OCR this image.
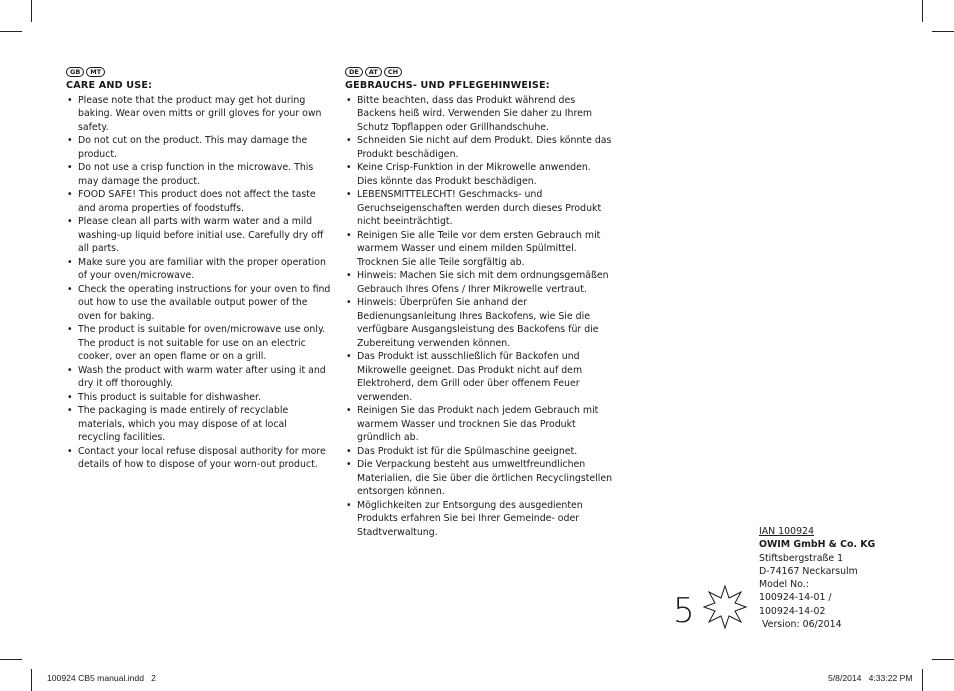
GB	MT
CARE AND USE:
• Please note that the product may get hot during baking. Wear oven mitts or grill gloves for your own safety.
• Do not cut on the product. This may damage the product.
• Do not use a crisp function in the microwave. This may damage the product.
• FOOD SAFE! This product does not affect the taste and aroma properties of foodstuffs.
• Please clean all parts with warm water and a mild washing-up liquid before initial use. Carefully dry off all parts.
• Make sure you are familiar with the proper operation of your oven/microwave.
• Check the operating instructions for your oven to find out how to use the available output power of the oven for baking.
• The product is suitable for oven/microwave use only. The product is not suitable for use on an electric cooker, over an open flame or on a grill.
• Wash the product with warm water after using it and dry it off thoroughly.
• This product is suitable for dishwasher.
• The packaging is made entirely of recyclable materials, which you may dispose of at local recycling facilities.
• Contact your local refuse disposal authority for more details of how to dispose of your worn-out product.
DE	AT	CH
GEBRAUCHS- UND PFLEGEHINWEISE:
• Bitte beachten, dass das Produkt während des Backens heiß wird. Verwenden Sie daher zu Ihrem Schutz Topflappen oder Grillhandschuhe.
• Schneiden Sie nicht auf dem Produkt. Dies könnte das Produkt beschädigen.
• Keine Crisp-Funktion in der Mikrowelle anwenden. Dies könnte das Produkt beschädigen.
• LEBENSMITTELECHT! Geschmacks- und Geruchseigenschaften werden durch dieses Produkt nicht beeinträchtigt.
• Reinigen Sie alle Teile vor dem ersten Gebrauch mit warmem Wasser und einem milden Spülmittel. Trocknen Sie alle Teile sorgfältig ab.
• Hinweis: Machen Sie sich mit dem ordnungsgemäßen Gebrauch Ihres Ofens / Ihrer Mikrowelle vertraut.
• Hinweis: Überprüfen Sie anhand der Bedienungsanleitung Ihres Backofens, wie Sie die verfügbare Ausgangsleistung des Backofens für die Zubereitung verwenden können.
• Das Produkt ist ausschließlich für Backofen und Mikrowelle geeignet. Das Produkt nicht auf dem Elektroherd, dem Grill oder über offenem Feuer verwenden.
• Reinigen Sie das Produkt nach jedem Gebrauch mit warmem Wasser und trocknen Sie das Produkt gründlich ab.
• Das Produkt ist für die Spülmaschine geeignet.
• Die Verpackung besteht aus umweltfreundlichen Materialien, die Sie über die örtlichen Recyclingstellen entsorgen können.
• Möglichkeiten zur Entsorgung des ausgedienten Produkts erfahren Sie bei Ihrer Gemeinde- oder Stadtverwaltung.	IAN 100924
OWIM GmbH & Co. KG
Stiftsbergstraße 1
D-74167 Neckarsulm
Model No.:
100924-14-01 /
100924-14-02
Version: 06/2014
5
100924 CB5 manual.indd   2	5/8/2014   4:33:22 PM
